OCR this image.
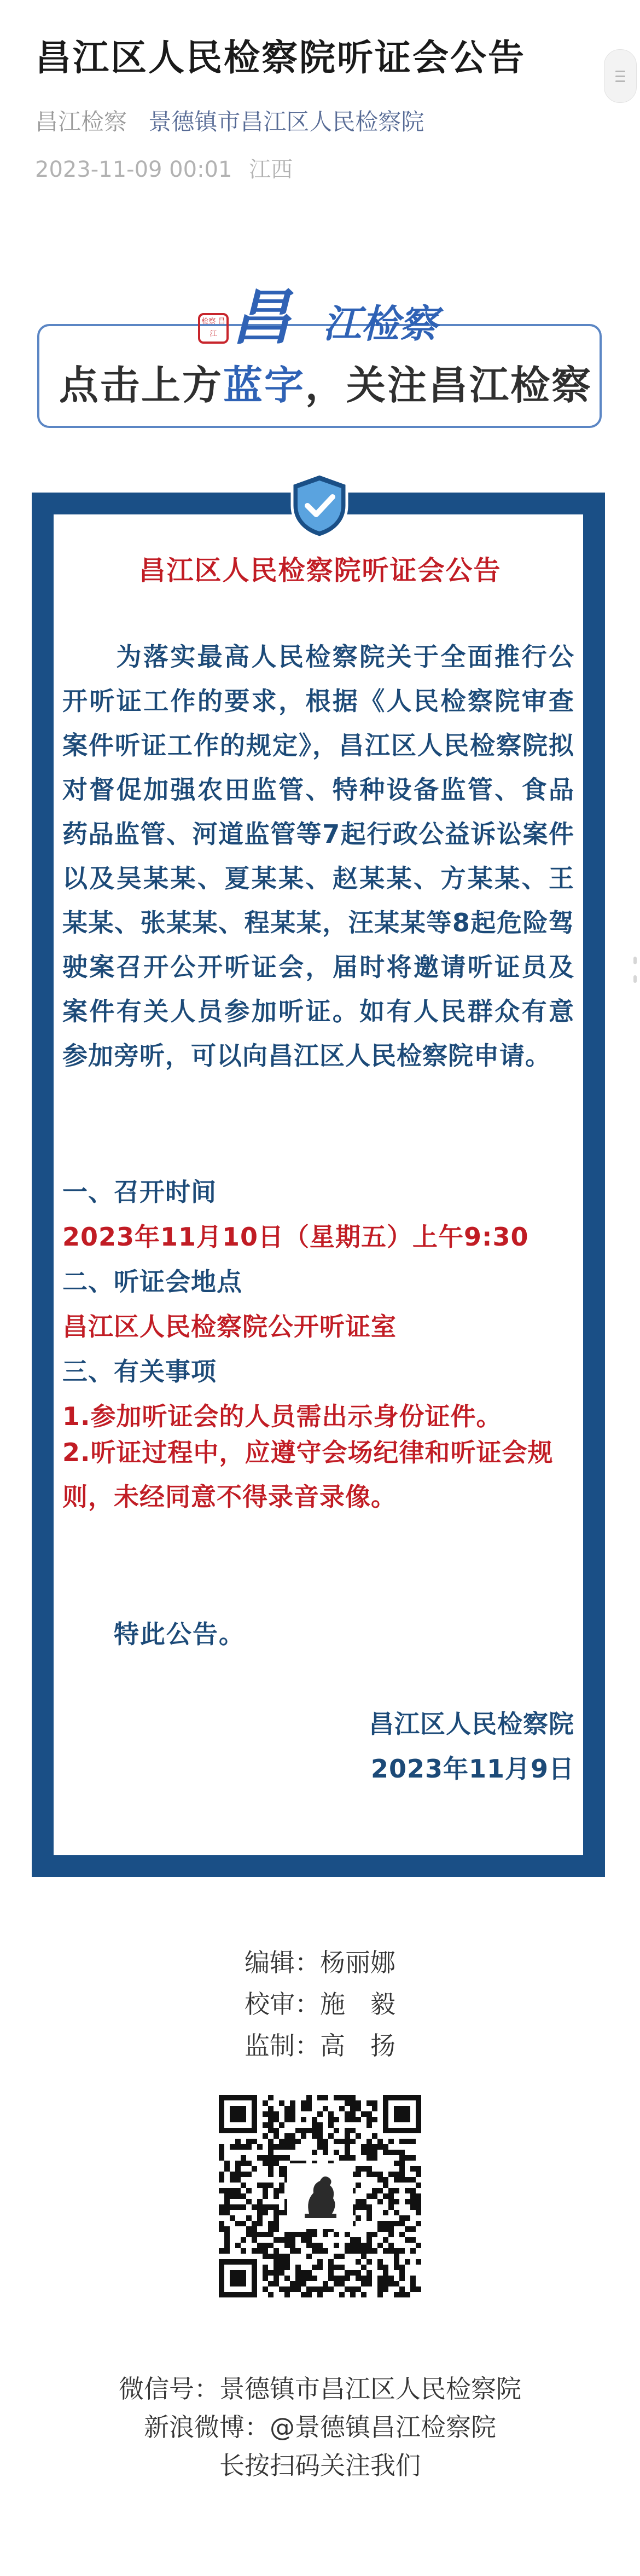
昌江区人民检察院听证会公告
昌江检察 景德镇市昌江区人民检察院
2023-11-09 00:01 江西
点击上方蓝字，关注昌江检察
检察 昌江 昌 江检察
昌江区人民检察院听证会公告

为落实最高人民检察院关于全面推行公开听证工作的要求，根据《人民检察院审查案件听证工作的规定》，昌江区人民检察院拟对督促加强农田监管、特种设备监管、食品药品监管、河道监管等7起行政公益诉讼案件以及吴某某、夏某某、赵某某、方某某、王某某、张某某、程某某，汪某某等8起危险驾驶案召开公开听证会，届时将邀请听证员及案件有关人员参加听证。如有人民群众有意参加旁听，可以向昌江区人民检察院申请。

一、召开时间
2023年11月10日（星期五）上午9:30
二、听证会地点
昌江区人民检察院公开听证室
三、有关事项
1.参加听证会的人员需出示身份证件。

2.听证过程中，应遵守会场纪律和听证会规则，未经同意不得录音录像。

特此公告。
昌江区人民检察院
2023年11月9日
编辑：杨丽娜
校审：施　毅
监制：高　扬
微信号：景德镇市昌江区人民检察院
新浪微博：@景德镇昌江检察院
长按扫码关注我们
